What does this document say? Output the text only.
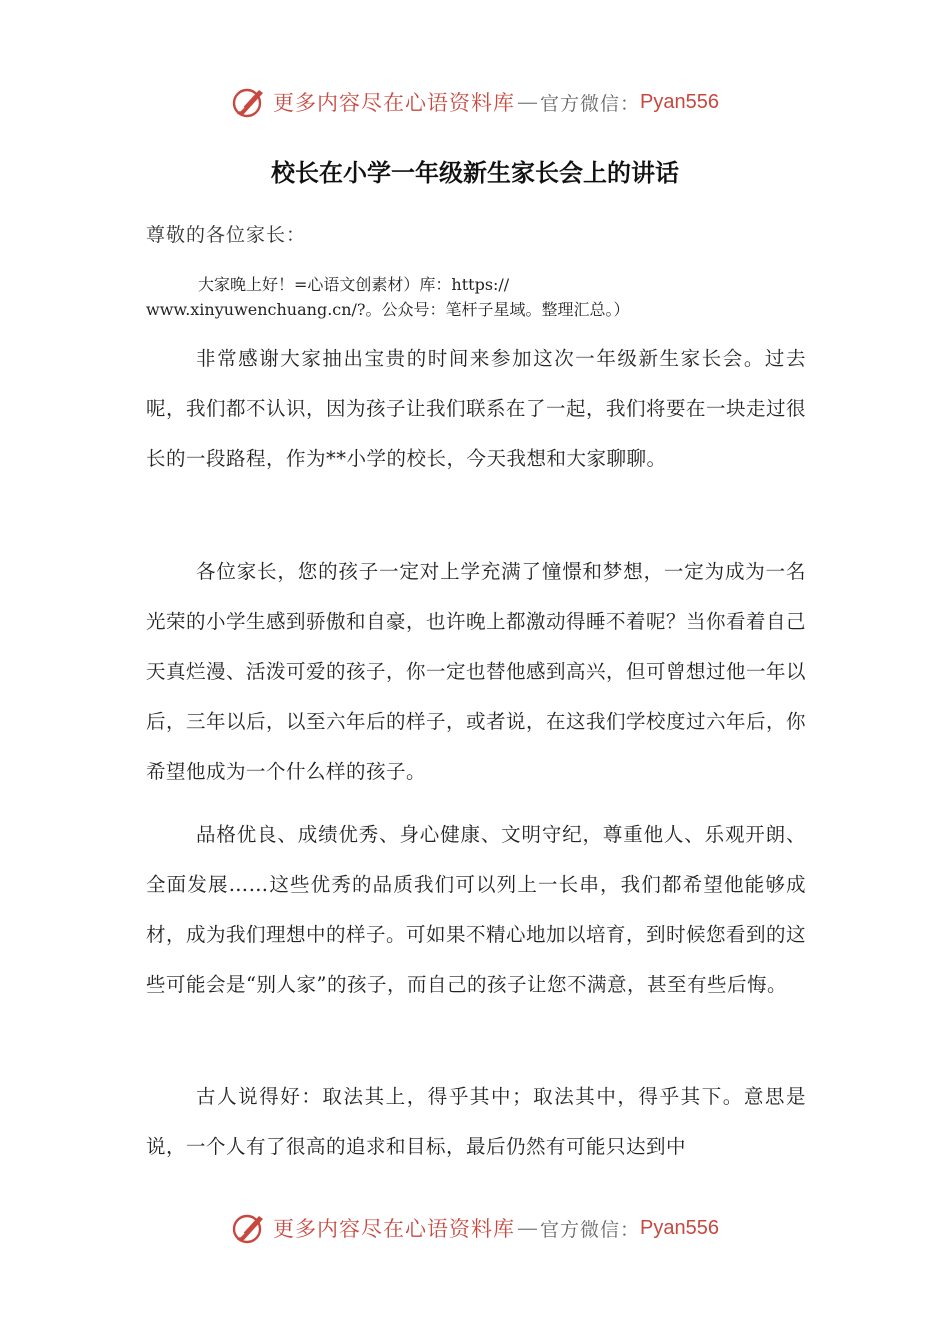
更多内容尽在心语资料库 — 官方微信： Pyan556
校长在小学一年级新生家长会上的讲话
尊敬的各位家长：
大家晚上好！=心语文创素材）库：https://
www.xinyuwenchuang.cn/?。公众号：笔杆子星域。整理汇总。）

非常感谢大家抽出宝贵的时间来参加这次一年级新生家长会。过去呢，我们都不认识，因为孩子让我们联系在了一起，我们将要在一块走过很长的一段路程，作为**小学的校长，今天我想和大家聊聊。

各位家长，您的孩子一定对上学充满了憧憬和梦想，一定为成为一名光荣的小学生感到骄傲和自豪，也许晚上都激动得睡不着呢？当你看着自己天真烂漫、活泼可爱的孩子，你一定也替他感到高兴，但可曾想过他一年以后，三年以后，以至六年后的样子，或者说，在这我们学校度过六年后，你希望他成为一个什么样的孩子。

品格优良、成绩优秀、身心健康、文明守纪，尊重他人、乐观开朗、全面发展……这些优秀的品质我们可以列上一长串，我们都希望他能够成材，成为我们理想中的样子。可如果不精心地加以培育，到时候您看到的这些可能会是“别人家”的孩子，而自己的孩子让您不满意，甚至有些后悔。

古人说得好：取法其上，得乎其中；取法其中，得乎其下。意思是说，一个人有了很高的追求和目标，最后仍然有可能只达到中

更多内容尽在心语资料库 — 官方微信： Pyan556
